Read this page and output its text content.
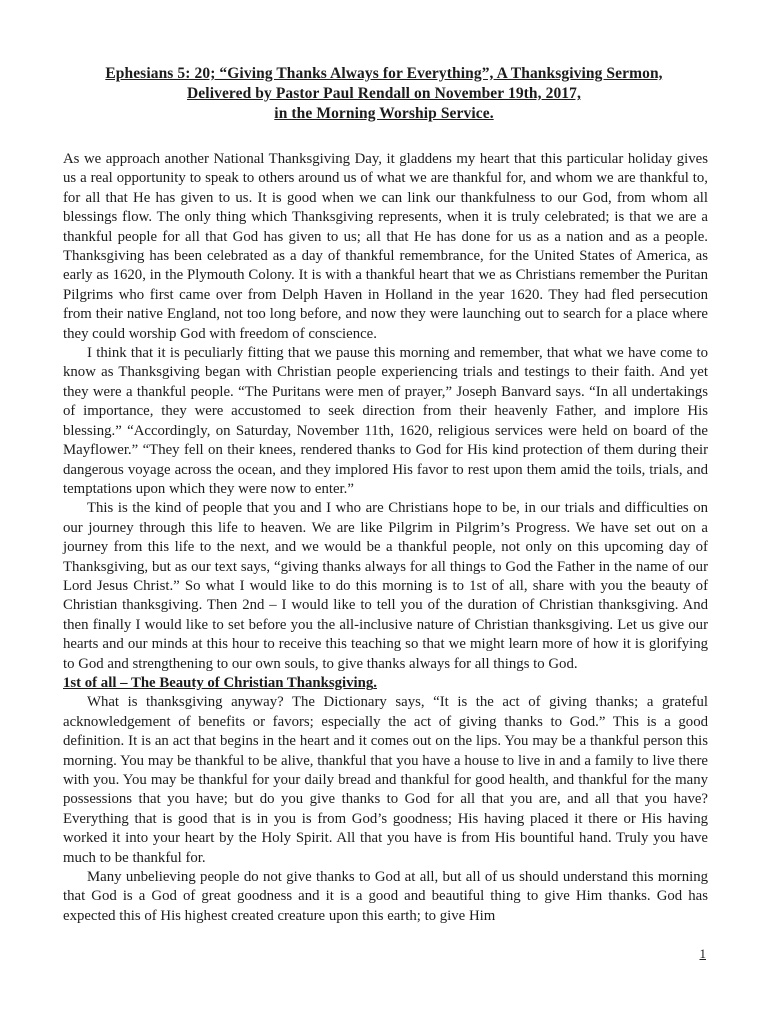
Ephesians 5: 20; “Giving Thanks Always for Everything”, A Thanksgiving Sermon,
Delivered by Pastor Paul Rendall on November 19th, 2017,
in the Morning Worship Service.

As we approach another National Thanksgiving Day, it gladdens my heart that this particular holiday gives us a real opportunity to speak to others around us of what we are thankful for, and whom we are thankful to, for all that He has given to us. It is good when we can link our thankfulness to our God, from whom all blessings flow. The only thing which Thanksgiving represents, when it is truly celebrated; is that we are a thankful people for all that God has given to us; all that He has done for us as a nation and as a people. Thanksgiving has been celebrated as a day of thankful remembrance, for the United States of America, as early as 1620, in the Plymouth Colony. It is with a thankful heart that we as Christians remember the Puritan Pilgrims who first came over from Delph Haven in Holland in the year 1620. They had fled persecution from their native England, not too long before, and now they were launching out to search for a place where they could worship God with freedom of conscience.

I think that it is peculiarly fitting that we pause this morning and remember, that what we have come to know as Thanksgiving began with Christian people experiencing trials and testings to their faith. And yet they were a thankful people. “The Puritans were men of prayer,” Joseph Banvard says. “In all undertakings of importance, they were accustomed to seek direction from their heavenly Father, and implore His blessing.” “Accordingly, on Saturday, November 11th, 1620, religious services were held on board of the Mayflower.” “They fell on their knees, rendered thanks to God for His kind protection of them during their dangerous voyage across the ocean, and they implored His favor to rest upon them amid the toils, trials, and temptations upon which they were now to enter.”

This is the kind of people that you and I who are Christians hope to be, in our trials and difficulties on our journey through this life to heaven. We are like Pilgrim in Pilgrim’s Progress. We have set out on a journey from this life to the next, and we would be a thankful people, not only on this upcoming day of Thanksgiving, but as our text says, “giving thanks always for all things to God the Father in the name of our Lord Jesus Christ.” So what I would like to do this morning is to 1st of all, share with you the beauty of Christian thanksgiving. Then 2nd – I would like to tell you of the duration of Christian thanksgiving. And then finally I would like to set before you the all-inclusive nature of Christian thanksgiving. Let us give our hearts and our minds at this hour to receive this teaching so that we might learn more of how it is glorifying to God and strengthening to our own souls, to give thanks always for all things to God.

1st of all – The Beauty of Christian Thanksgiving.

What is thanksgiving anyway? The Dictionary says, “It is the act of giving thanks; a grateful acknowledgement of benefits or favors; especially the act of giving thanks to God.” This is a good definition. It is an act that begins in the heart and it comes out on the lips. You may be a thankful person this morning. You may be thankful to be alive, thankful that you have a house to live in and a family to live there with you. You may be thankful for your daily bread and thankful for good health, and thankful for the many possessions that you have; but do you give thanks to God for all that you are, and all that you have? Everything that is good that is in you is from God’s goodness; His having placed it there or His having worked it into your heart by the Holy Spirit. All that you have is from His bountiful hand. Truly you have much to be thankful for.

Many unbelieving people do not give thanks to God at all, but all of us should understand this morning that God is a God of great goodness and it is a good and beautiful thing to give Him thanks. God has expected this of His highest created creature upon this earth; to give Him

1
